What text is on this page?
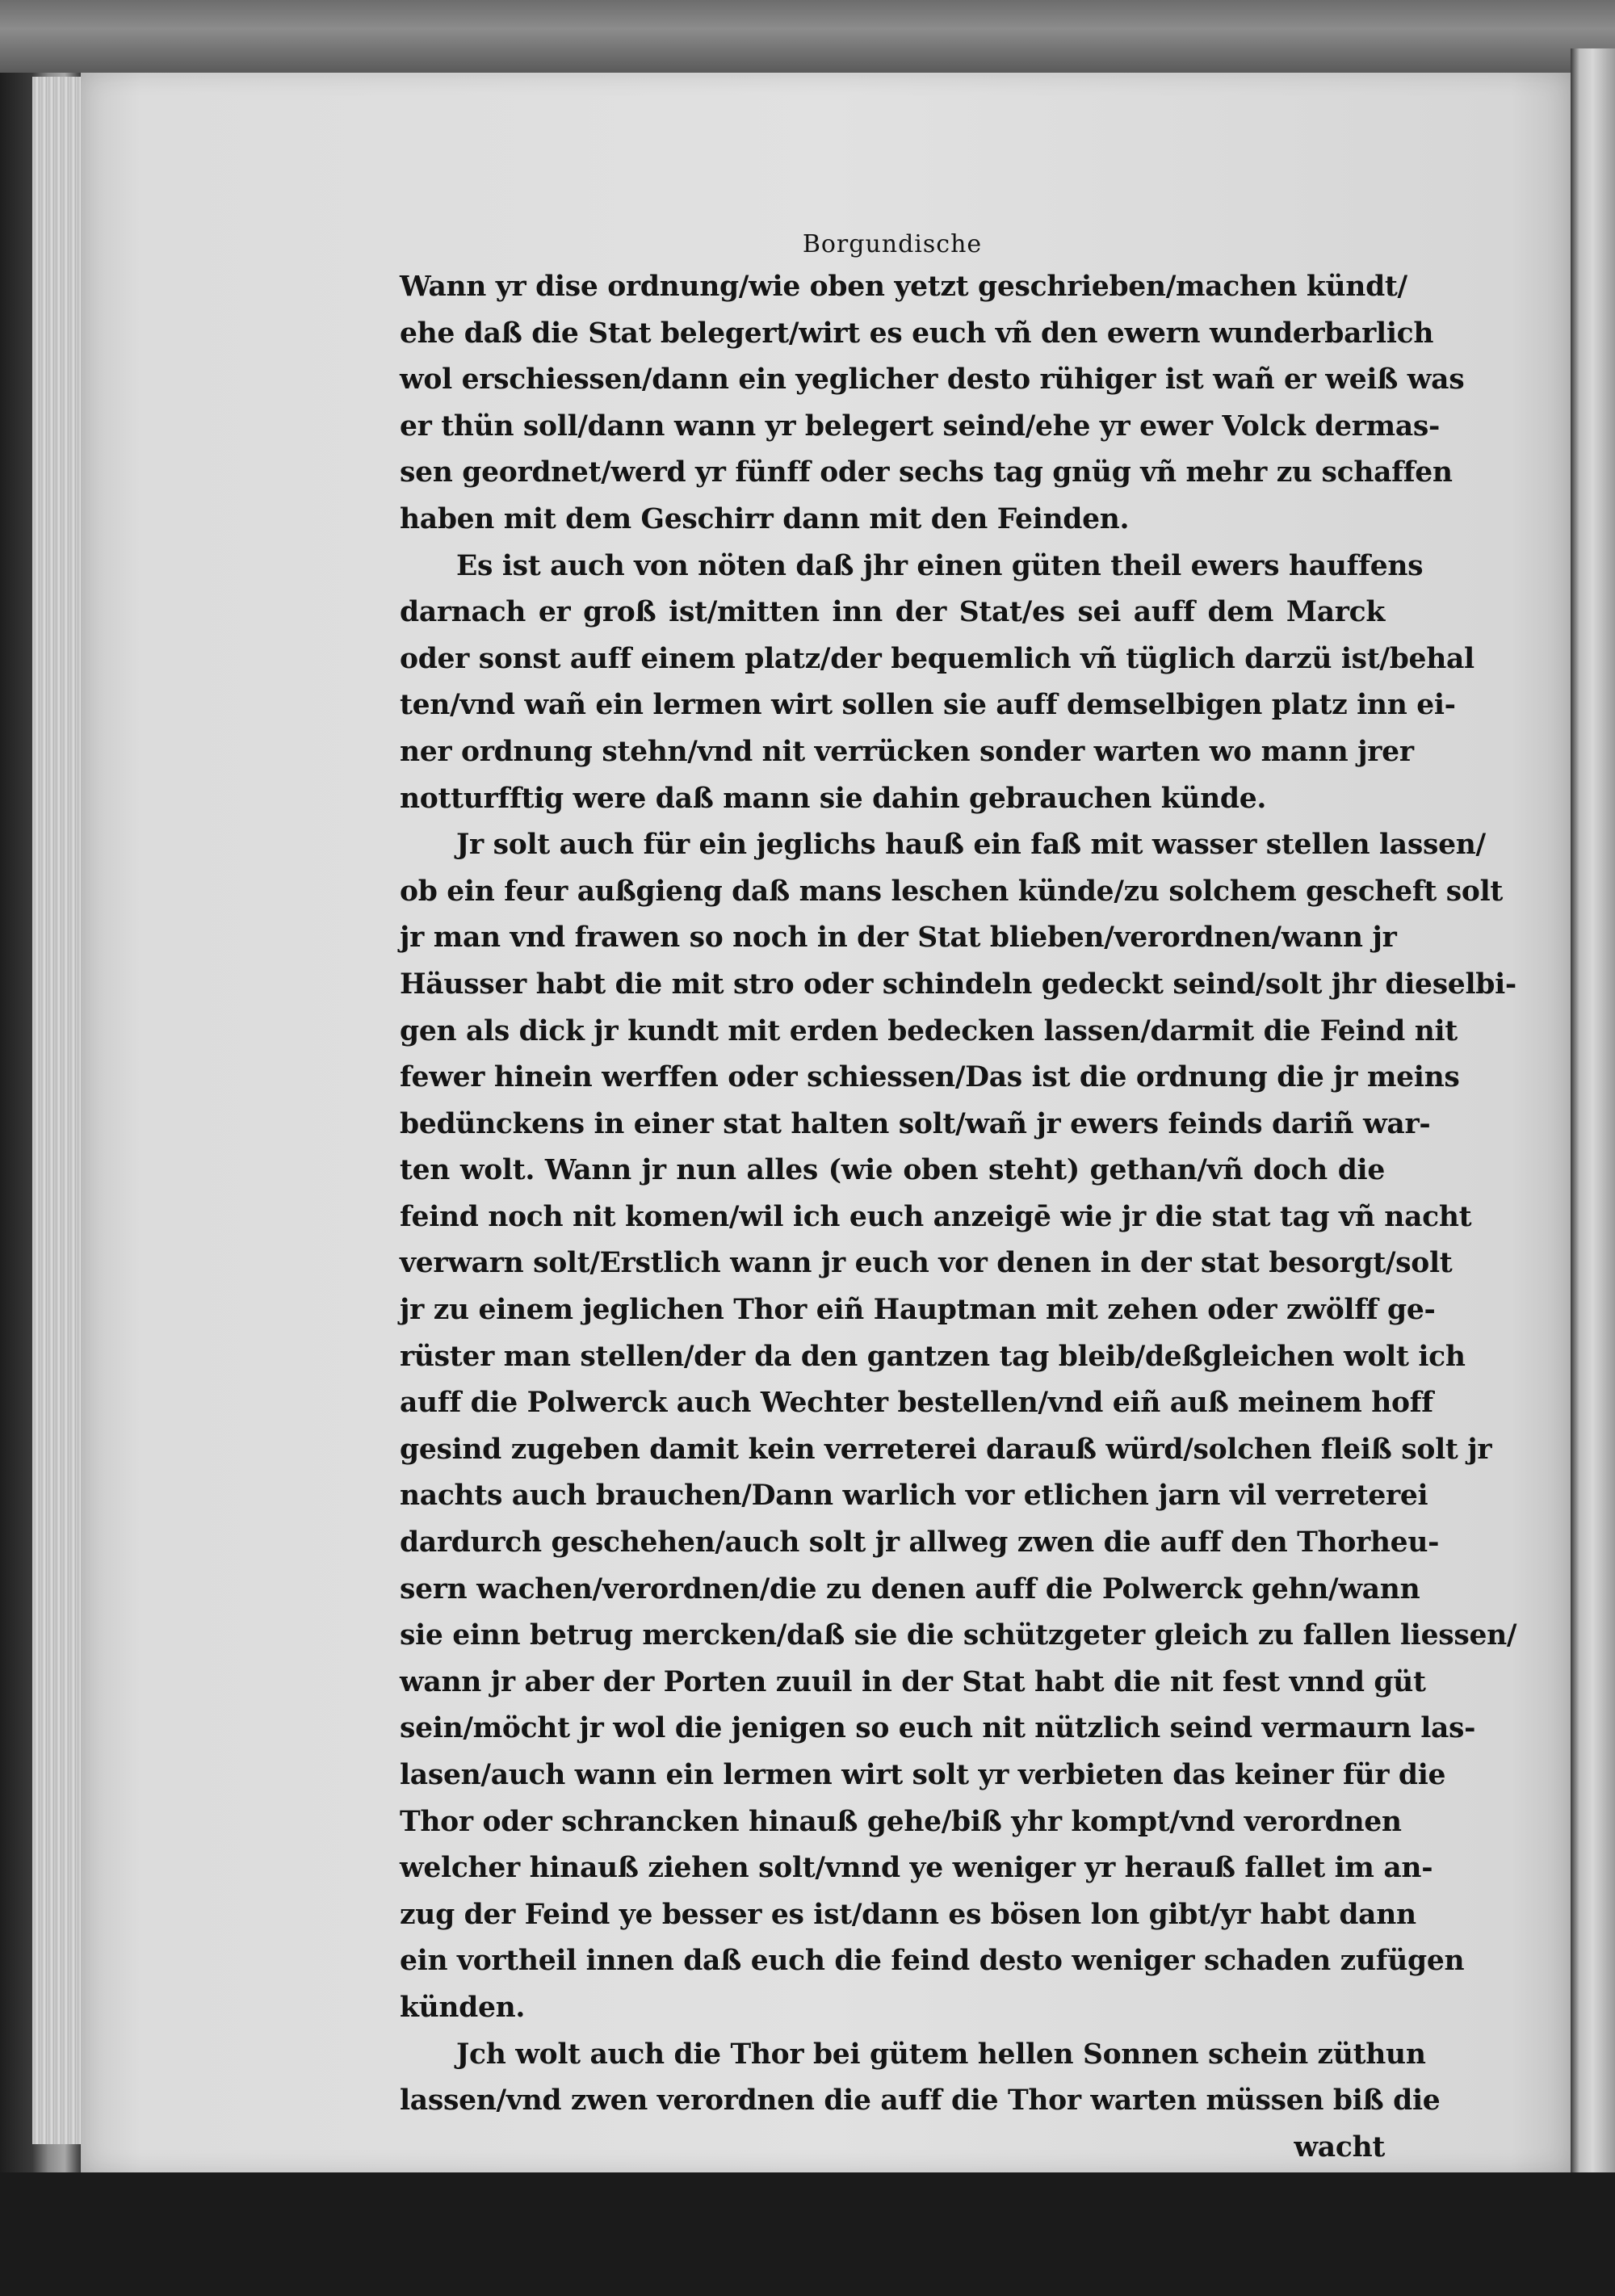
Borgundische
Wann yr dise ordnung/wie oben yetzt geschrieben/machen kündt/
ehe daß die Stat belegert/wirt es euch vñ den ewern wunderbarlich
wol erschiessen/dann ein yeglicher desto rühiger ist wañ er weiß was
er thün soll/dann wann yr belegert seind/ehe yr ewer Volck dermas-
sen geordnet/werd yr fünff oder sechs tag gnüg vñ mehr zu schaffen
haben mit dem Geschirr dann mit den Feinden.
Es ist auch von nöten daß jhr einen güten theil ewers hauffens
darnach er groß ist/mitten inn der Stat/es sei auff dem Marck
oder sonst auff einem platz/der bequemlich vñ tüglich darzü ist/behal
ten/vnd wañ ein lermen wirt sollen sie auff demselbigen platz inn ei-
ner ordnung stehn/vnd nit verrücken sonder warten wo mann jrer
notturfftig were daß mann sie dahin gebrauchen künde.
Jr solt auch für ein jeglichs hauß ein faß mit wasser stellen lassen/
ob ein feur außgieng daß mans leschen künde/zu solchem gescheft solt
jr man vnd frawen so noch in der Stat blieben/verordnen/wann jr
Häusser habt die mit stro oder schindeln gedeckt seind/solt jhr dieselbi-
gen als dick jr kundt mit erden bedecken lassen/darmit die Feind nit
fewer hinein werffen oder schiessen/Das ist die ordnung die jr meins
bedünckens in einer stat halten solt/wañ jr ewers feinds dariñ war-
ten wolt. Wann jr nun alles (wie oben steht) gethan/vñ doch die
feind noch nit komen/wil ich euch anzeigē wie jr die stat tag vñ nacht
verwarn solt/Erstlich wann jr euch vor denen in der stat besorgt/solt
jr zu einem jeglichen Thor eiñ Hauptman mit zehen oder zwölff ge-
rüster man stellen/der da den gantzen tag bleib/deßgleichen wolt ich
auff die Polwerck auch Wechter bestellen/vnd eiñ auß meinem hoff
gesind zugeben damit kein verreterei darauß würd/solchen fleiß solt jr
nachts auch brauchen/Dann warlich vor etlichen jarn vil verreterei
dardurch geschehen/auch solt jr allweg zwen die auff den Thorheu-
sern wachen/verordnen/die zu denen auff die Polwerck gehn/wann
sie einn betrug mercken/daß sie die schützgeter gleich zu fallen liessen/
wann jr aber der Porten zuuil in der Stat habt die nit fest vnnd güt
sein/möcht jr wol die jenigen so euch nit nützlich seind vermaurn las-
lasen/auch wann ein lermen wirt solt yr verbieten das keiner für die
Thor oder schrancken hinauß gehe/biß yhr kompt/vnd verordnen
welcher hinauß ziehen solt/vnnd ye weniger yr herauß fallet im an-
zug der Feind ye besser es ist/dann es bösen lon gibt/yr habt dann
ein vortheil innen daß euch die feind desto weniger schaden zufügen
künden.
Jch wolt auch die Thor bei gütem hellen Sonnen schein züthun
lassen/vnd zwen verordnen die auff die Thor warten müssen biß die
wacht
